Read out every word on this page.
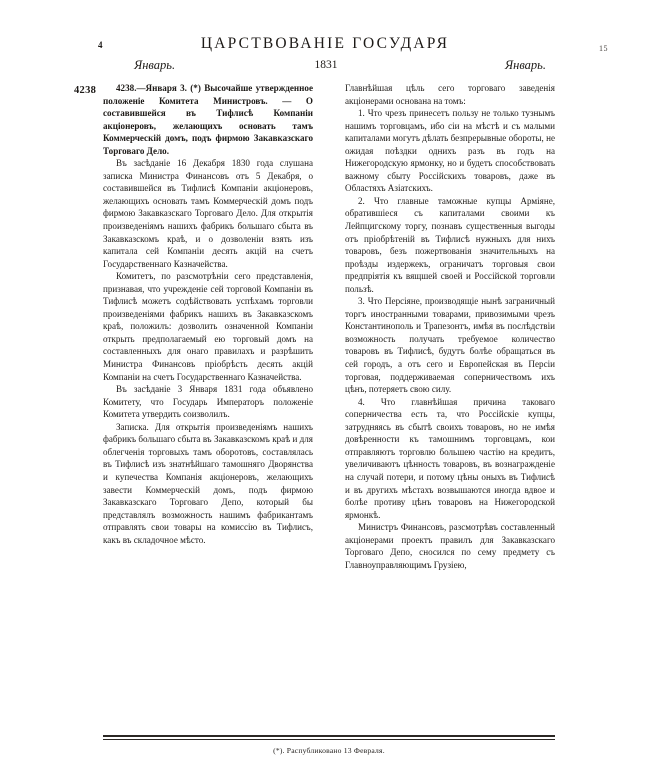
4	ЦАРСТВОВАНІЕ ГОСУДАРЯ	15
Январь.	1831	Январь.
4238	4238.—Января 3. (*) Высочайше утвержденное положеніе Комитета Министровъ. — О составившейся въ Тифлисѣ Компаніи акціонеровъ, желающихъ основать тамъ Коммерческій домъ, подъ фирмою Закавказскаго Торговаго Дело.

Въ засѣданіе 16 Декабря 1830 года слушана записка Министра Финансовъ отъ 5 Декабря, о составившейся въ Тифлисѣ Компаніи акціонеровъ, желающихъ основать тамъ Коммерческій домъ подъ фирмою Закавказскаго Торговаго Дело. Для открытія произведеніямъ нашихъ фабрикъ большаго сбыта въ Закавказскомъ краѣ, и о дозволеніи взять изъ капитала сей Компаніи десять акцій на счетъ Государственнаго Казначейства.

Комитетъ, по разсмотрѣніи сего представленія, признавая, что учрежденіе сей торговой Компаніи въ Тифлисѣ можетъ содѣйствовать успѣхамъ торговли произведеніями фабрикъ нашихъ въ Закавказскомъ краѣ, положилъ: дозволить означенной Компаніи открыть предполагаемый ею торговый домъ на составленныхъ для онаго правилахъ и разрѣшить Министра Финансовъ пріобрѣсть десять акцій Компаніи на счетъ Государственнаго Казначейства.

Въ засѣданіе 3 Января 1831 года объявлено Комитету, что Государь Императоръ положеніе Комитета утвердить соизволилъ.

Записка. Для открытія произведеніямъ нашихъ фабрикъ большаго сбыта въ Закавказскомъ краѣ и для облегченія торговыхъ тамъ оборотовъ, составлялась въ Тифлисѣ изъ знатнѣйшаго тамошняго Дворянства и купечества Компанія акціонеровъ, желающихъ завести Коммерческій домъ, подъ фирмою Закавказскаго Торговаго Депо, который бы представлялъ возможность нашимъ фабрикантамъ отправлять свои товары на комиссію въ Тифлисъ, какъ въ складочное мѣсто.

Главнѣйшая цѣль сего торговаго заведенія акціонерами основана на томъ:

1. Что чрезъ принесетъ пользу не только тузнымъ нашимъ торговцамъ, ибо сіи на мѣстѣ и съ малыми капиталами могутъ дѣлать безпрерывные обороты, не ожидая поѣздки однихъ разъ въ годъ на Нижегородскую ярмонку, но и будетъ способствовать важному сбыту Россійскихъ товаровъ, даже въ Областяхъ Азіатскихъ.

2. Что главные таможные купцы Арміяне, обратившіеся съ капиталами своими къ Лейпцигскому торгу, познавъ существенныя выгоды отъ пріобрѣтеній въ Тифлисѣ нужныхъ для нихъ товаровъ, безъ пожертвованія значительныхъ на проѣзды издержекъ, ограничатъ торговыя свои предпріятія къ вящшей своей и Россійской торговли пользѣ.

3. Что Персіяне, производящіе нынѣ заграничный торгъ иностранными товарами, привозимыми чрезъ Константинополь и Трапезонтъ, имѣя въ послѣдствіи возможность получать требуемое количество товаровъ въ Тифлисѣ, будутъ болѣе обращаться въ сей городъ, а отъ сего и Европейская въ Персіи торговая, поддерживаемая соперничествомъ ихъ цѣнъ, потеряетъ свою силу.

4. Что главнѣйшая причина таковаго соперничества есть та, что Россійскіе купцы, затрудняясь въ сбытѣ своихъ товаровъ, но не имѣя довѣренности къ тамошнимъ торговцамъ, кои отправляютъ торговлю большею частію на кредитъ, увеличиваютъ цѣнность товаровъ, въ вознагражденіе на случай потери, и потому цѣны оныхъ въ Тифлисѣ и въ другихъ мѣстахъ возвышаются иногда вдвое и болѣе противу цѣнъ товаровъ на Нижегородской ярмонкѣ.

Министръ Финансовъ, разсмотрѣвъ составленный акціонерами проектъ правилъ для Закавказскаго Торговаго Депо, сносился по сему предмету съ Главноуправляющимъ Грузіею,

(*). Распубликовано 13 Февраля.
